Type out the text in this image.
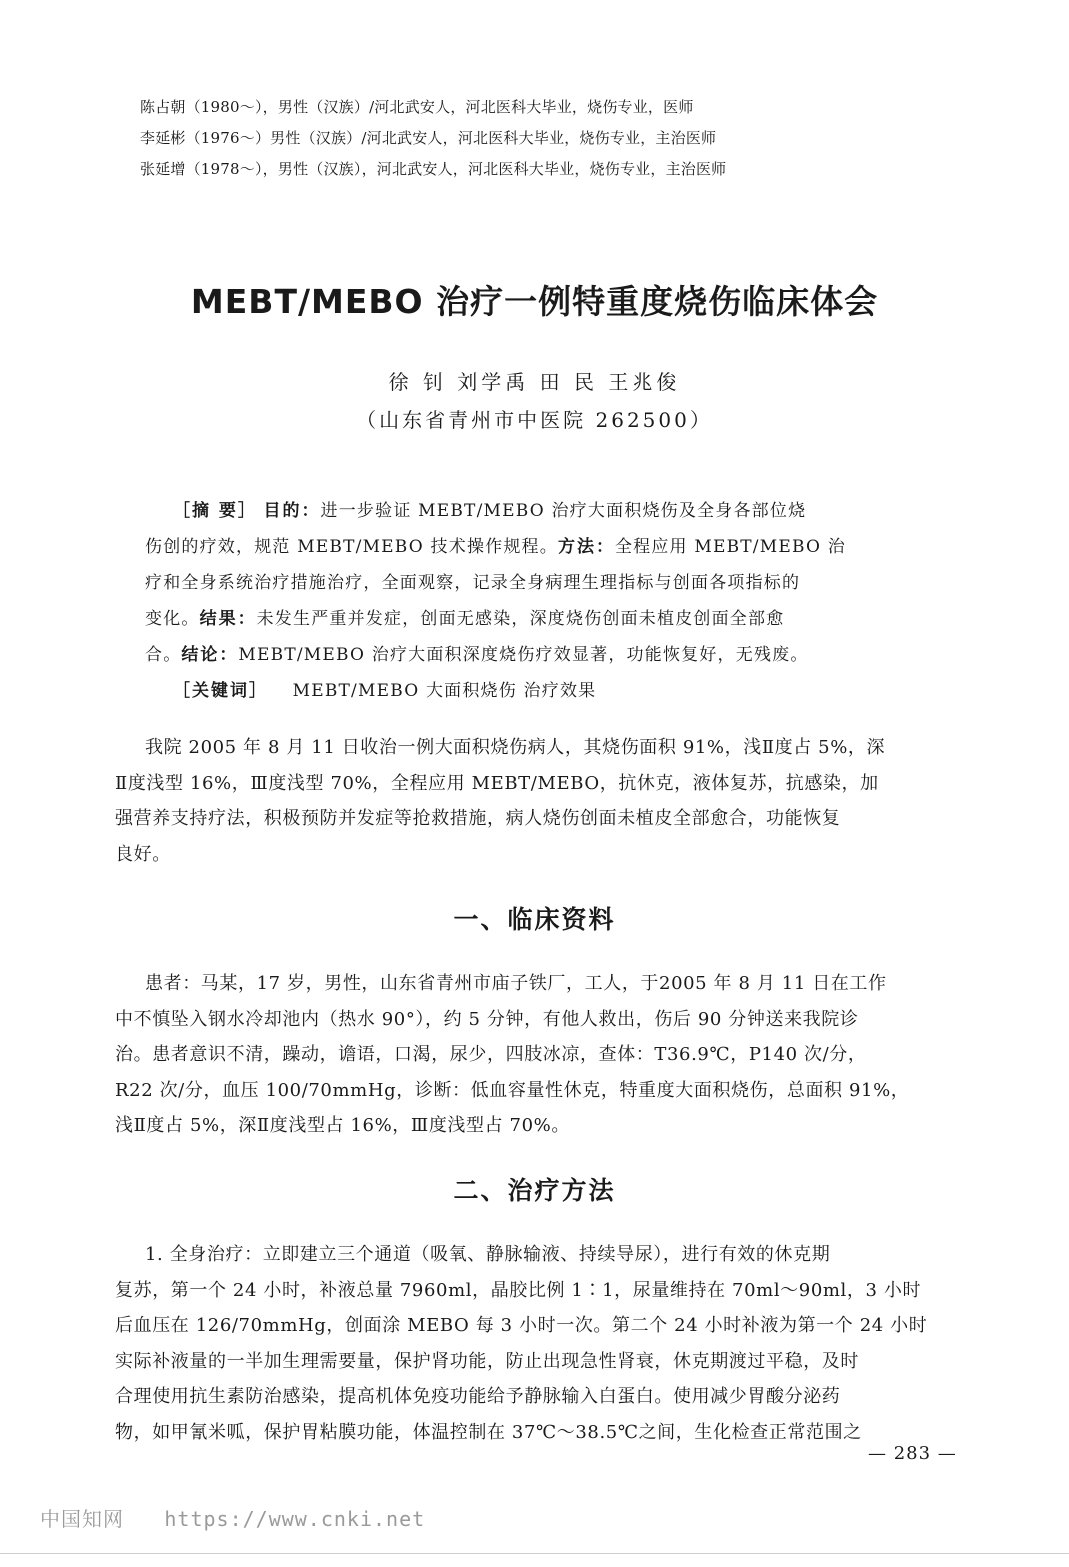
陈占朝（1980～），男性（汉族）/河北武安人，河北医科大毕业，烧伤专业，医师
李延彬（1976～）男性（汉族）/河北武安人，河北医科大毕业，烧伤专业，主治医师
张延增（1978～），男性（汉族），河北武安人，河北医科大毕业，烧伤专业，主治医师
MEBT/MEBO 治疗一例特重度烧伤临床体会
徐 钊 刘学禹 田 民 王兆俊
（山东省青州市中医院 262500）
［摘 要］ 目的：进一步验证 MEBT/MEBO 治疗大面积烧伤及全身各部位烧
伤创的疗效，规范 MEBT/MEBO 技术操作规程。方法：全程应用 MEBT/MEBO 治
疗和全身系统治疗措施治疗，全面观察，记录全身病理生理指标与创面各项指标的
变化。结果：未发生严重并发症，创面无感染，深度烧伤创面未植皮创面全部愈
合。结论：MEBT/MEBO 治疗大面积深度烧伤疗效显著，功能恢复好，无残废。
［关键词］ MEBT/MEBO 大面积烧伤 治疗效果
我院 2005 年 8 月 11 日收治一例大面积烧伤病人，其烧伤面积 91%，浅Ⅱ度占 5%，深
Ⅱ度浅型 16%，Ⅲ度浅型 70%，全程应用 MEBT/MEBO，抗休克，液体复苏，抗感染，加
强营养支持疗法，积极预防并发症等抢救措施，病人烧伤创面未植皮全部愈合，功能恢复
良好。
一、临床资料
患者：马某，17 岁，男性，山东省青州市庙子铁厂，工人，于2005 年 8 月 11 日在工作
中不慎坠入钢水冷却池内（热水 90°），约 5 分钟，有他人救出，伤后 90 分钟送来我院诊
治。患者意识不清，躁动，谵语，口渴，尿少，四肢冰凉，查体：T36.9℃，P140 次/分，
R22 次/分，血压 100/70mmHg，诊断：低血容量性休克，特重度大面积烧伤，总面积 91%，
浅Ⅱ度占 5%，深Ⅱ度浅型占 16%，Ⅲ度浅型占 70%。
二、治疗方法
1. 全身治疗：立即建立三个通道（吸氧、静脉输液、持续导尿），进行有效的休克期
复苏，第一个 24 小时，补液总量 7960ml，晶胶比例 1∶1，尿量维持在 70ml～90ml，3 小时
后血压在 126/70mmHg，创面涂 MEBO 每 3 小时一次。第二个 24 小时补液为第一个 24 小时
实际补液量的一半加生理需要量，保护肾功能，防止出现急性肾衰，休克期渡过平稳，及时
合理使用抗生素防治感染，提高机体免疫功能给予静脉输入白蛋白。使用减少胃酸分泌药
物，如甲氰米呱，保护胃粘膜功能，体温控制在 37℃～38.5℃之间，生化检查正常范围之
— 283 —
中国知网 https://www.cnki.net
